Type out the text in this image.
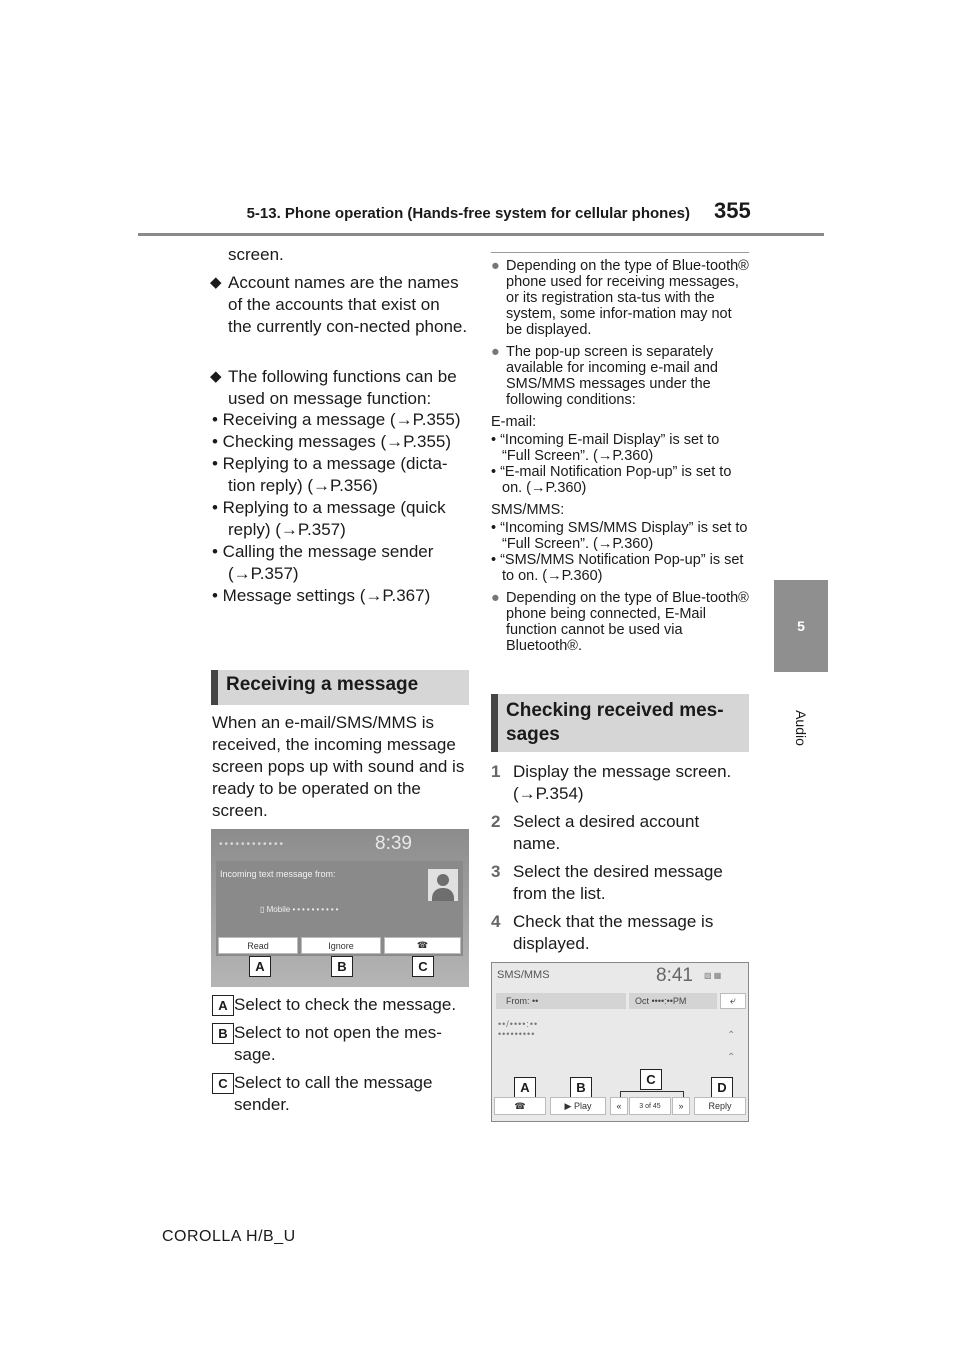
5-13. Phone operation (Hands-free system for cellular phones) 355
5
Audio
screen.
◆ Account names are the names of the accounts that exist on the currently con-nected phone.
◆ The following functions can be used on message function:
• Receiving a message (→P.355)
• Checking messages (→P.355)
• Replying to a message (dicta-tion reply) (→P.356)
• Replying to a message (quick reply) (→P.357)
• Calling the message sender (→P.357)
• Message settings (→P.367)
Receiving a message
When an e-mail/SMS/MMS is received, the incoming message screen pops up with sound and is ready to be operated on the screen.
••••••••••••	8:39
Incoming text message from:
▯ Mobile ••••••••••
Read	Ignore	☎
A	B	C
A Select to check the message.
B Select to not open the mes-sage.
C Select to call the message sender.
● Depending on the type of Blue-tooth® phone used for receiving messages, or its registration sta-tus with the system, some infor-mation may not be displayed.
● The pop-up screen is separately available for incoming e-mail and SMS/MMS messages under the following conditions:
E-mail:
• “Incoming E-mail Display” is set to “Full Screen”. (→P.360)
• “E-mail Notification Pop-up” is set to on. (→P.360)
SMS/MMS:
• “Incoming SMS/MMS Display” is set to “Full Screen”. (→P.360)
• “SMS/MMS Notification Pop-up” is set to on. (→P.360)
● Depending on the type of Blue-tooth® phone being connected, E-Mail function cannot be used via Bluetooth®.
Checking received mes-sages
1 Display the message screen. (→P.354)
2 Select a desired account name.
3 Select the desired message from the list.
4 Check that the message is displayed.
SMS/MMS	8:41 ▧ ▦
From: ••	Oct ••••:••PM	⤶
••/••••:••
•••••••••	⌃
⌃

A	B
C
D
☎	▶ Play	«	3 of 45	»	Reply
COROLLA H/B_U
